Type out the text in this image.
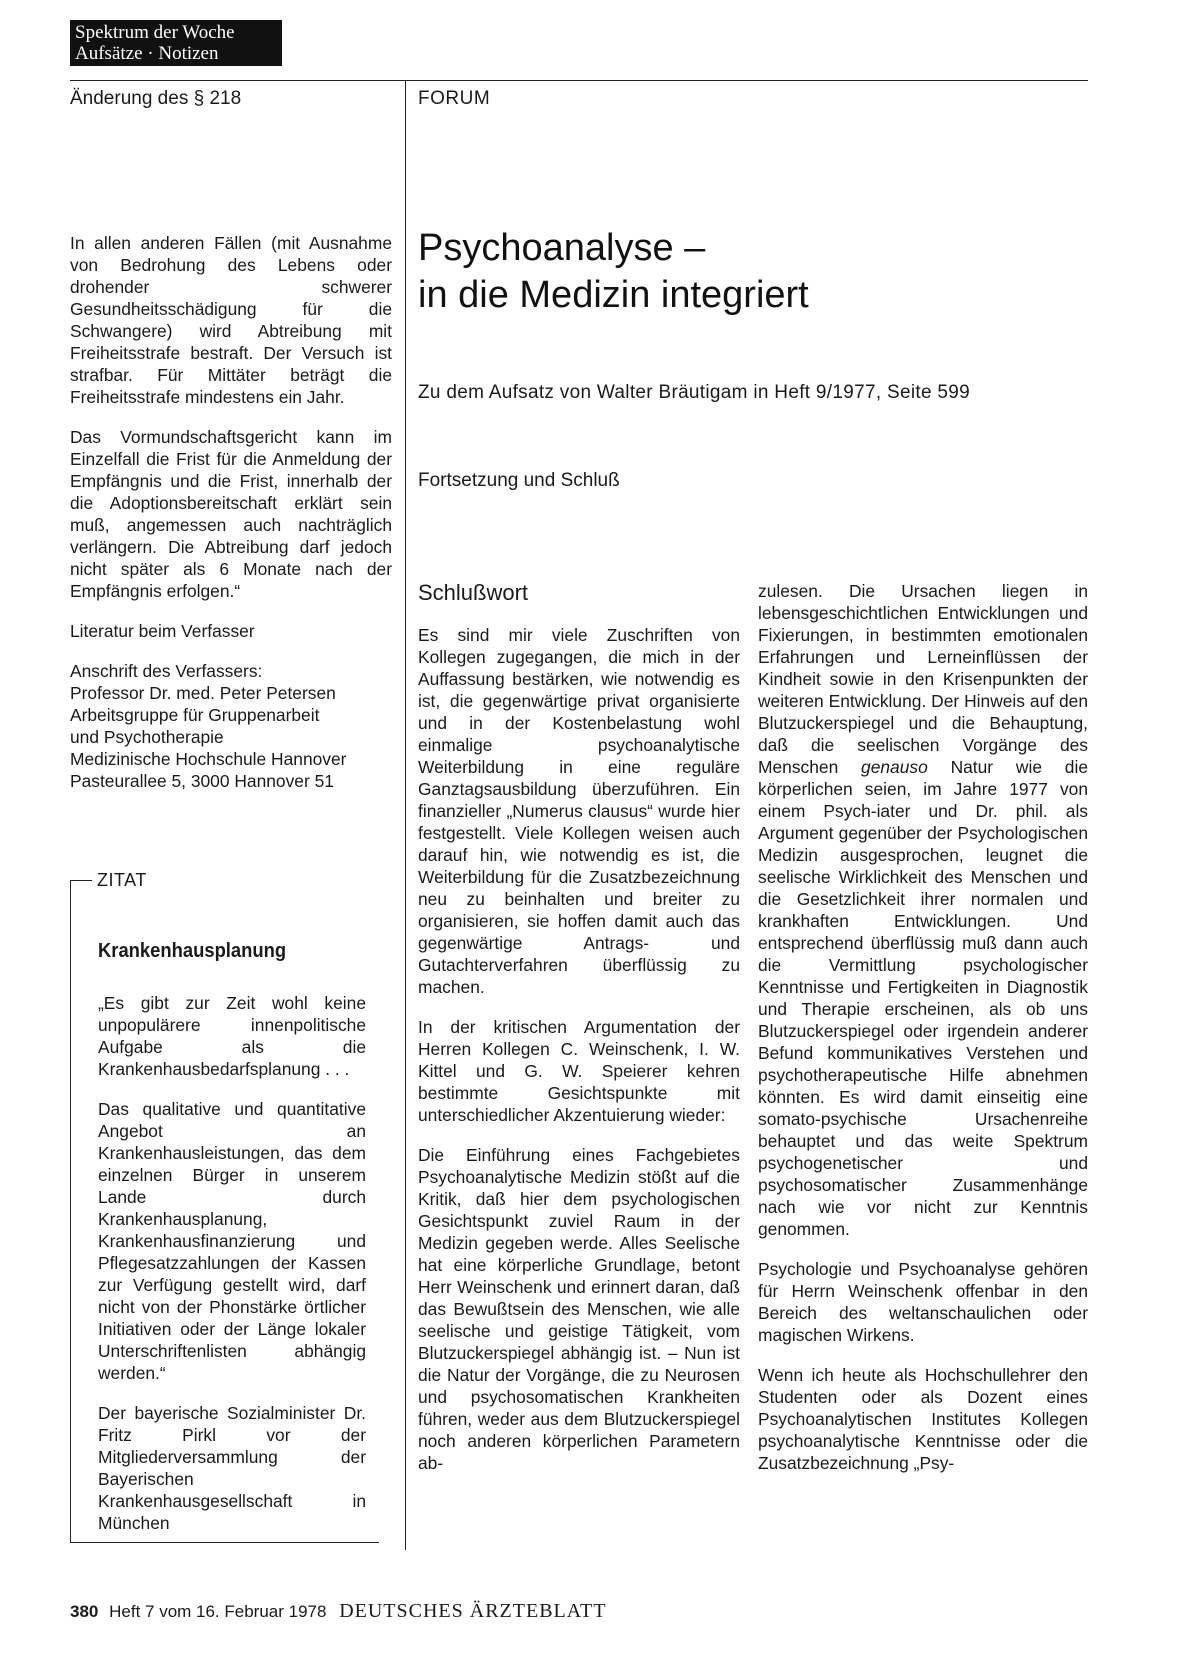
Spektrum der Woche
Aufsätze · Notizen
Änderung des § 218	FORUM
Psychoanalyse –
in die Medizin integriert
Zu dem Aufsatz von Walter Bräutigam in Heft 9/1977, Seite 599
Fortsetzung und Schluß

In allen anderen Fällen (mit Ausnahme von Bedrohung des Lebens oder drohender schwerer Gesundheitsschädigung für die Schwangere) wird Abtreibung mit Freiheitsstrafe bestraft. Der Versuch ist strafbar. Für Mittäter beträgt die Freiheitsstrafe mindestens ein Jahr.

Das Vormundschaftsgericht kann im Einzelfall die Frist für die Anmeldung der Empfängnis und die Frist, innerhalb der die Adoptionsbereitschaft erklärt sein muß, angemessen auch nachträglich verlängern. Die Abtreibung darf jedoch nicht später als 6 Monate nach der Empfängnis erfolgen.“

Literatur beim Verfasser

Anschrift des Verfassers:
Professor Dr. med. Peter Petersen
Arbeitsgruppe für Gruppenarbeit
und Psychotherapie
Medizinische Hochschule Hannover
Pasteurallee 5, 3000 Hannover 51
ZITAT
Krankenhausplanung

„Es gibt zur Zeit wohl keine unpopulärere innenpolitische Aufgabe als die Krankenhausbedarfsplanung . . .

Das qualitative und quantitative Angebot an Krankenhausleistungen, das dem einzelnen Bürger in unserem Lande durch Krankenhausplanung, Krankenhausfinanzierung und Pflegesatzzahlungen der Kassen zur Verfügung gestellt wird, darf nicht von der Phonstärke örtlicher Initiativen oder der Länge lokaler Unterschriftenlisten abhängig werden.“

Der bayerische Sozialminister Dr. Fritz Pirkl vor der Mitgliederversammlung der Bayerischen Krankenhausgesellschaft in München

Schlußwort

Es sind mir viele Zuschriften von Kollegen zugegangen, die mich in der Auffassung bestärken, wie notwendig es ist, die gegenwärtige privat organisierte und in der Kostenbelastung wohl einmalige psychoanalytische Weiterbildung in eine reguläre Ganztagsausbildung überzuführen. Ein finanzieller „Numerus clausus“ wurde hier festgestellt. Viele Kollegen weisen auch darauf hin, wie notwendig es ist, die Weiterbildung für die Zusatzbezeichnung neu zu beinhalten und breiter zu organisieren, sie hoffen damit auch das gegenwärtige Antrags- und Gutachterverfahren überflüssig zu machen.

In der kritischen Argumentation der Herren Kollegen C. Weinschenk, I. W. Kittel und G. W. Speierer kehren bestimmte Gesichtspunkte mit unterschiedlicher Akzentuierung wieder:

Die Einführung eines Fachgebietes Psychoanalytische Medizin stößt auf die Kritik, daß hier dem psychologischen Gesichtspunkt zuviel Raum in der Medizin gegeben werde. Alles Seelische hat eine körperliche Grundlage, betont Herr Weinschenk und erinnert daran, daß das Bewußtsein des Menschen, wie alle seelische und geistige Tätigkeit, vom Blutzuckerspiegel abhängig ist. – Nun ist die Natur der Vorgänge, die zu Neurosen und psychosomatischen Krankheiten führen, weder aus dem Blutzuckerspiegel noch anderen körperlichen Parametern ab-

zulesen. Die Ursachen liegen in lebensgeschichtlichen Entwicklungen und Fixierungen, in bestimmten emotionalen Erfahrungen und Lerneinflüssen der Kindheit sowie in den Krisenpunkten der weiteren Entwicklung. Der Hinweis auf den Blutzuckerspiegel und die Behauptung, daß die seelischen Vorgänge des Menschen genauso Natur wie die körperlichen seien, im Jahre 1977 von einem Psych-iater und Dr. phil. als Argument gegenüber der Psychologischen Medizin ausgesprochen, leugnet die seelische Wirklichkeit des Menschen und die Gesetzlichkeit ihrer normalen und krankhaften Entwicklungen. Und entsprechend überflüssig muß dann auch die Vermittlung psychologischer Kenntnisse und Fertigkeiten in Diagnostik und Therapie erscheinen, als ob uns Blutzuckerspiegel oder irgendein anderer Befund kommunikatives Verstehen und psychotherapeutische Hilfe abnehmen könnten. Es wird damit einseitig eine somato-psychische Ursachenreihe behauptet und das weite Spektrum psychogenetischer und psychosomatischer Zusammenhänge nach wie vor nicht zur Kenntnis genommen.

Psychologie und Psychoanalyse gehören für Herrn Weinschenk offenbar in den Bereich des weltanschaulichen oder magischen Wirkens.

Wenn ich heute als Hochschullehrer den Studenten oder als Dozent eines Psychoanalytischen Institutes Kollegen psychoanalytische Kenntnisse oder die Zusatzbezeichnung „Psy-

380 Heft 7 vom 16. Februar 1978 DEUTSCHES ÄRZTEBLATT
